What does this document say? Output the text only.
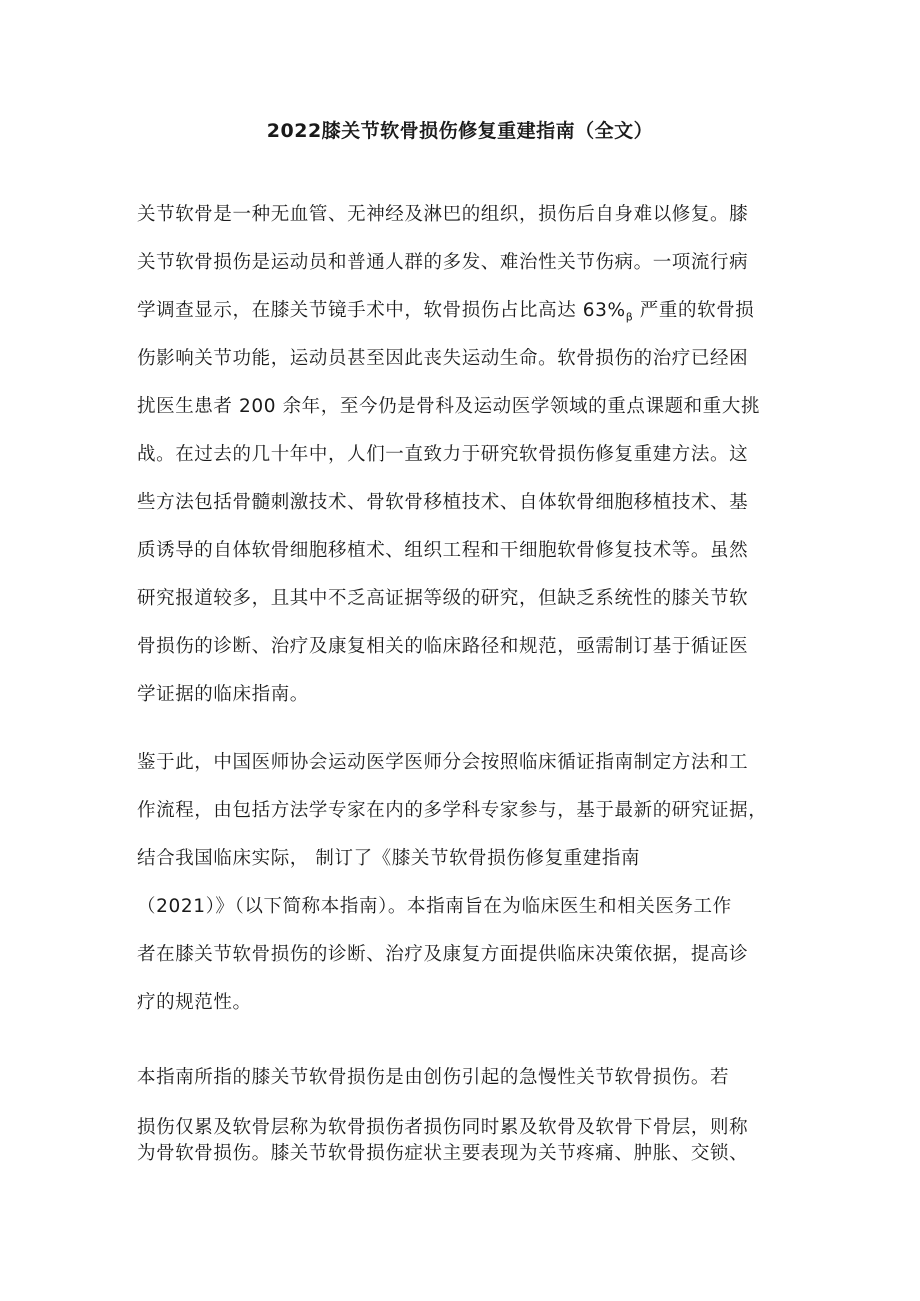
2022膝关节软骨损伤修复重建指南（全文）
关节软骨是一种无血管、无神经及淋巴的组织，损伤后自身难以修复。膝
关节软骨损伤是运动员和普通人群的多发、难治性关节伤病。一项流行病
学调查显示，在膝关节镜手术中，软骨损伤占比高达 $63\%_\beta$ 严重的软骨损
伤影响关节功能，运动员甚至因此丧失运动生命。软骨损伤的治疗已经困
扰医生患者 200 余年，至今仍是骨科及运动医学领域的重点课题和重大挑
战。在过去的几十年中，人们一直致力于研究软骨损伤修复重建方法。这
些方法包括骨髓刺激技术、骨软骨移植技术、自体软骨细胞移植技术、基
质诱导的自体软骨细胞移植术、组织工程和干细胞软骨修复技术等。虽然
研究报道较多，且其中不乏高证据等级的研究，但缺乏系统性的膝关节软
骨损伤的诊断、治疗及康复相关的临床路径和规范，亟需制订基于循证医
学证据的临床指南。
鉴于此，中国医师协会运动医学医师分会按照临床循证指南制定方法和工
作流程，由包括方法学专家在内的多学科专家参与，基于最新的研究证据，
结合我国临床实际， 制订了《膝关节软骨损伤修复重建指南
（2021）》（以下简称本指南）。本指南旨在为临床医生和相关医务工作
者在膝关节软骨损伤的诊断、治疗及康复方面提供临床决策依据，提高诊
疗的规范性。
本指南所指的膝关节软骨损伤是由创伤引起的急慢性关节软骨损伤。若
损伤仅累及软骨层称为软骨损伤者损伤同时累及软骨及软骨下骨层，则称
为骨软骨损伤。膝关节软骨损伤症状主要表现为关节疼痛、肿胀、交锁、
